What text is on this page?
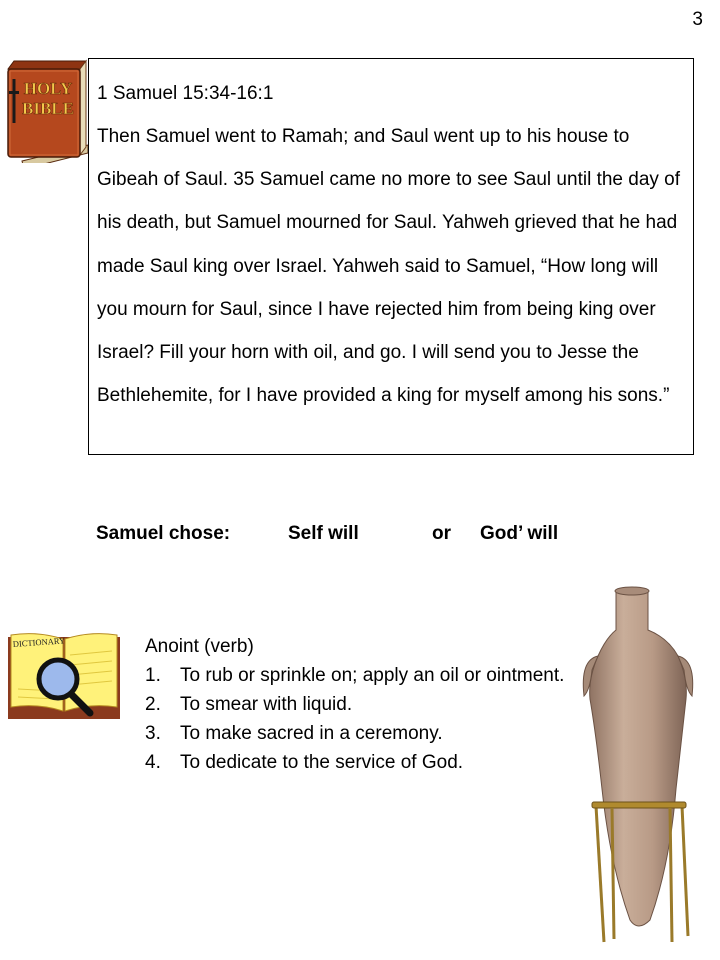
3
HOLY
BIBLE

1 Samuel 15:34-16:1

Then Samuel went to Ramah; and Saul went up to his house to Gibeah of Saul. 35 Samuel came no more to see Saul until the day of his death, but Samuel mourned for Saul. Yahweh grieved that he had made Saul king over Israel. Yahweh said to Samuel, “How long will you mourn for Saul, since I have rejected him from being king over Israel? Fill your horn with oil, and go. I will send you to Jesse the Bethlehemite, for I have provided a king for myself among his sons.”

Samuel chose:	Self will	or God’ will
DICTIONARY	Anoint (verb)
1. To rub or sprinkle on; apply an oil or ointment.
2. To smear with liquid.
3. To make sacred in a ceremony.
4. To dedicate to the service of God.
